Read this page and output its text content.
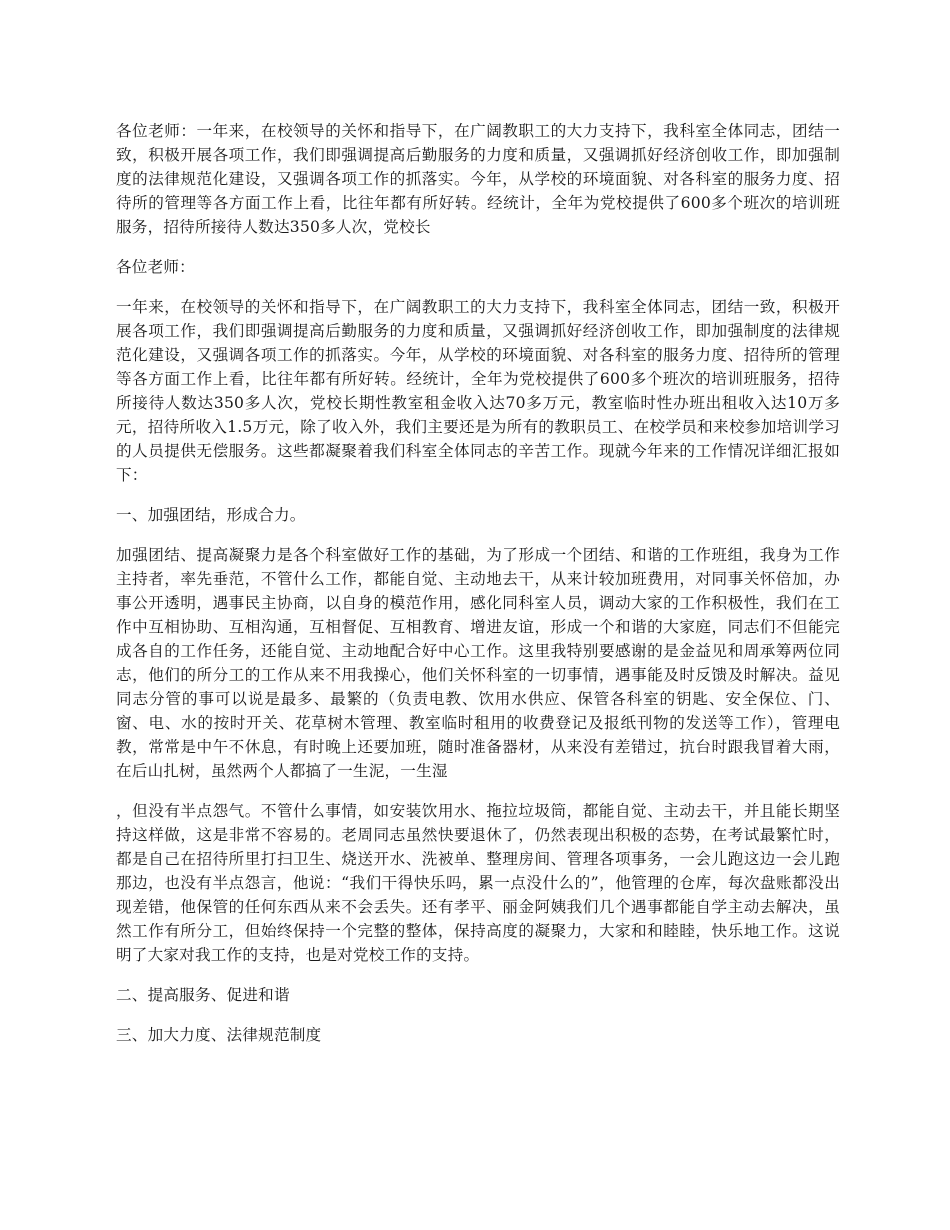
各位老师：一年来，在校领导的关怀和指导下，在广阔教职工的大力支持下，我科室全体同志，团结一致，积极开展各项工作，我们即强调提高后勤服务的力度和质量，又强调抓好经济创收工作，即加强制度的法律规范化建设，又强调各项工作的抓落实。今年，从学校的环境面貌、对各科室的服务力度、招待所的管理等各方面工作上看，比往年都有所好转。经统计，全年为党校提供了600多个班次的培训班服务，招待所接待人数达350多人次，党校长

各位老师：

一年来，在校领导的关怀和指导下，在广阔教职工的大力支持下，我科室全体同志，团结一致，积极开展各项工作，我们即强调提高后勤服务的力度和质量，又强调抓好经济创收工作，即加强制度的法律规范化建设，又强调各项工作的抓落实。今年，从学校的环境面貌、对各科室的服务力度、招待所的管理等各方面工作上看，比往年都有所好转。经统计，全年为党校提供了600多个班次的培训班服务，招待所接待人数达350多人次，党校长期性教室租金收入达70多万元，教室临时性办班出租收入达10万多元，招待所收入1.5万元，除了收入外，我们主要还是为所有的教职员工、在校学员和来校参加培训学习的人员提供无偿服务。这些都凝聚着我们科室全体同志的辛苦工作。现就今年来的工作情况详细汇报如下：

一、加强团结，形成合力。

加强团结、提高凝聚力是各个科室做好工作的基础，为了形成一个团结、和谐的工作班组，我身为工作主持者，率先垂范，不管什么工作，都能自觉、主动地去干，从来计较加班费用，对同事关怀倍加，办事公开透明，遇事民主协商，以自身的模范作用，感化同科室人员，调动大家的工作积极性，我们在工作中互相协助、互相沟通，互相督促、互相教育、增进友谊，形成一个和谐的大家庭，同志们不但能完成各自的工作任务，还能自觉、主动地配合好中心工作。这里我特别要感谢的是金益见和周承筹两位同志，他们的所分工的工作从来不用我操心，他们关怀科室的一切事情，遇事能及时反馈及时解决。益见同志分管的事可以说是最多、最繁的（负责电教、饮用水供应、保管各科室的钥匙、安全保位、门、窗、电、水的按时开关、花草树木管理、教室临时租用的收费登记及报纸刊物的发送等工作），管理电教，常常是中午不休息，有时晚上还要加班，随时准备器材，从来没有差错过，抗台时跟我冒着大雨，在后山扎树，虽然两个人都搞了一生泥，一生湿

，但没有半点怨气。不管什么事情，如安装饮用水、拖拉垃圾筒，都能自觉、主动去干，并且能长期坚持这样做，这是非常不容易的。老周同志虽然快要退休了，仍然表现出积极的态势，在考试最繁忙时，都是自己在招待所里打扫卫生、烧送开水、洗被单、整理房间、管理各项事务，一会儿跑这边一会儿跑那边，也没有半点怨言，他说：“我们干得快乐吗，累一点没什么的”，他管理的仓库，每次盘账都没出现差错，他保管的任何东西从来不会丢失。还有孝平、丽金阿姨我们几个遇事都能自学主动去解决，虽然工作有所分工，但始终保持一个完整的整体，保持高度的凝聚力，大家和和睦睦，快乐地工作。这说明了大家对我工作的支持，也是对党校工作的支持。

二、提高服务、促进和谐

三、加大力度、法律规范制度
